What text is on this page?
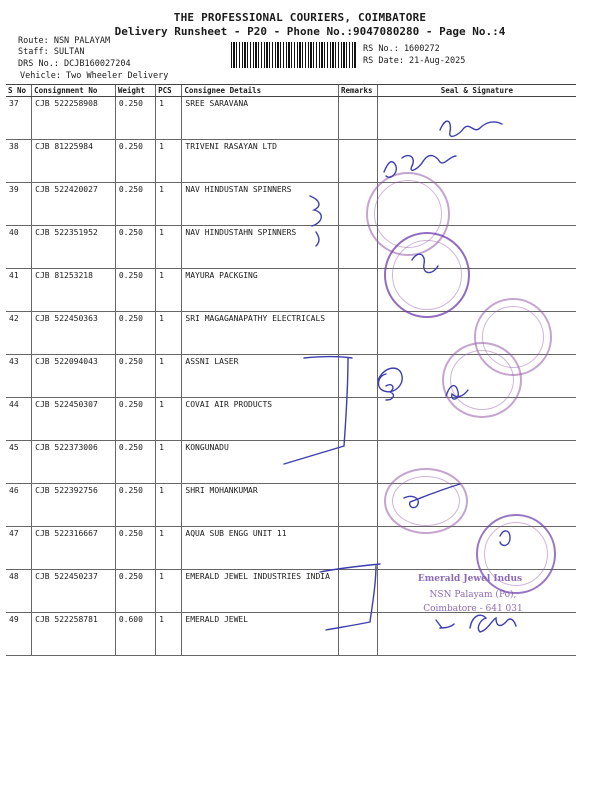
THE PROFESSIONAL COURIERS, COIMBATORE
Delivery Runsheet - P20 - Phone No.:9047080280 - Page No.:4
Route: NSN PALAYAM
Staff: SULTAN
DRS No.: DCJB160027204
Vehicle: Two Wheeler Delivery
RS No.: 1600272
RS Date: 21-Aug-2025
S No	Consignment No	Weight	PCS	Consignee Details	Remarks	Seal & Signature
37	CJB 522258908	0.250	1	SREE SARAVANA		
38	CJB 81225984	0.250	1	TRIVENI RASAYAN LTD		
39	CJB 522420027	0.250	1	NAV HINDUSTAN SPINNERS		
40	CJB 522351952	0.250	1	NAV HINDUSTAHN SPINNERS		
41	CJB 81253218	0.250	1	MAYURA PACKGING		
42	CJB 522450363	0.250	1	SRI MAGAGANAPATHY ELECTRICALS		
43	CJB 522094043	0.250	1	ASSNI LASER		
44	CJB 522450307	0.250	1	COVAI AIR PRODUCTS		
45	CJB 522373006	0.250	1	KONGUNADU		
46	CJB 522392756	0.250	1	SHRI MOHANKUMAR		
47	CJB 522316667	0.250	1	AQUA SUB ENGG UNIT 11		
48	CJB 522450237	0.250	1	EMERALD JEWEL INDUSTRIES INDIA		
49	CJB 522258781	0.600	1	EMERALD JEWEL		
Emerald Jewel Indus
NSN Palayam (Po),
Coimbatore - 641 031
